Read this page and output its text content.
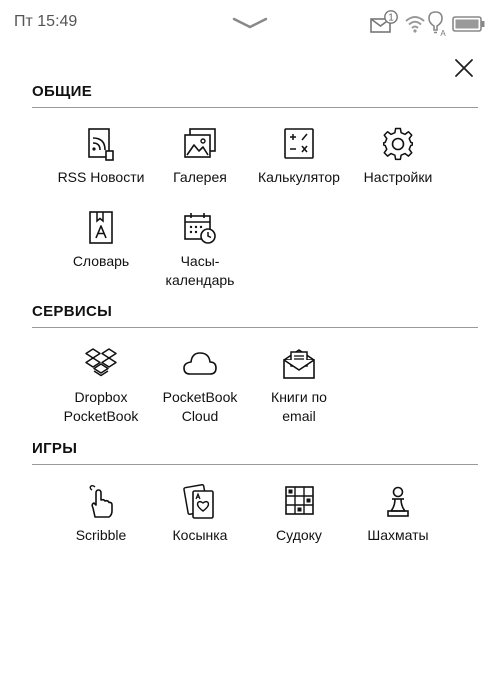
Пт 15:49	1
A
ОБЩИЕ
RSS Новости	Галерея	Калькулятор	Настройки
Словарь	Часы-
календарь
СЕРВИСЫ
Dropbox
PocketBook
PocketBook
Cloud
Книги по
email
ИГРЫ
Scribble	Косынка	Судоку	Шахматы
